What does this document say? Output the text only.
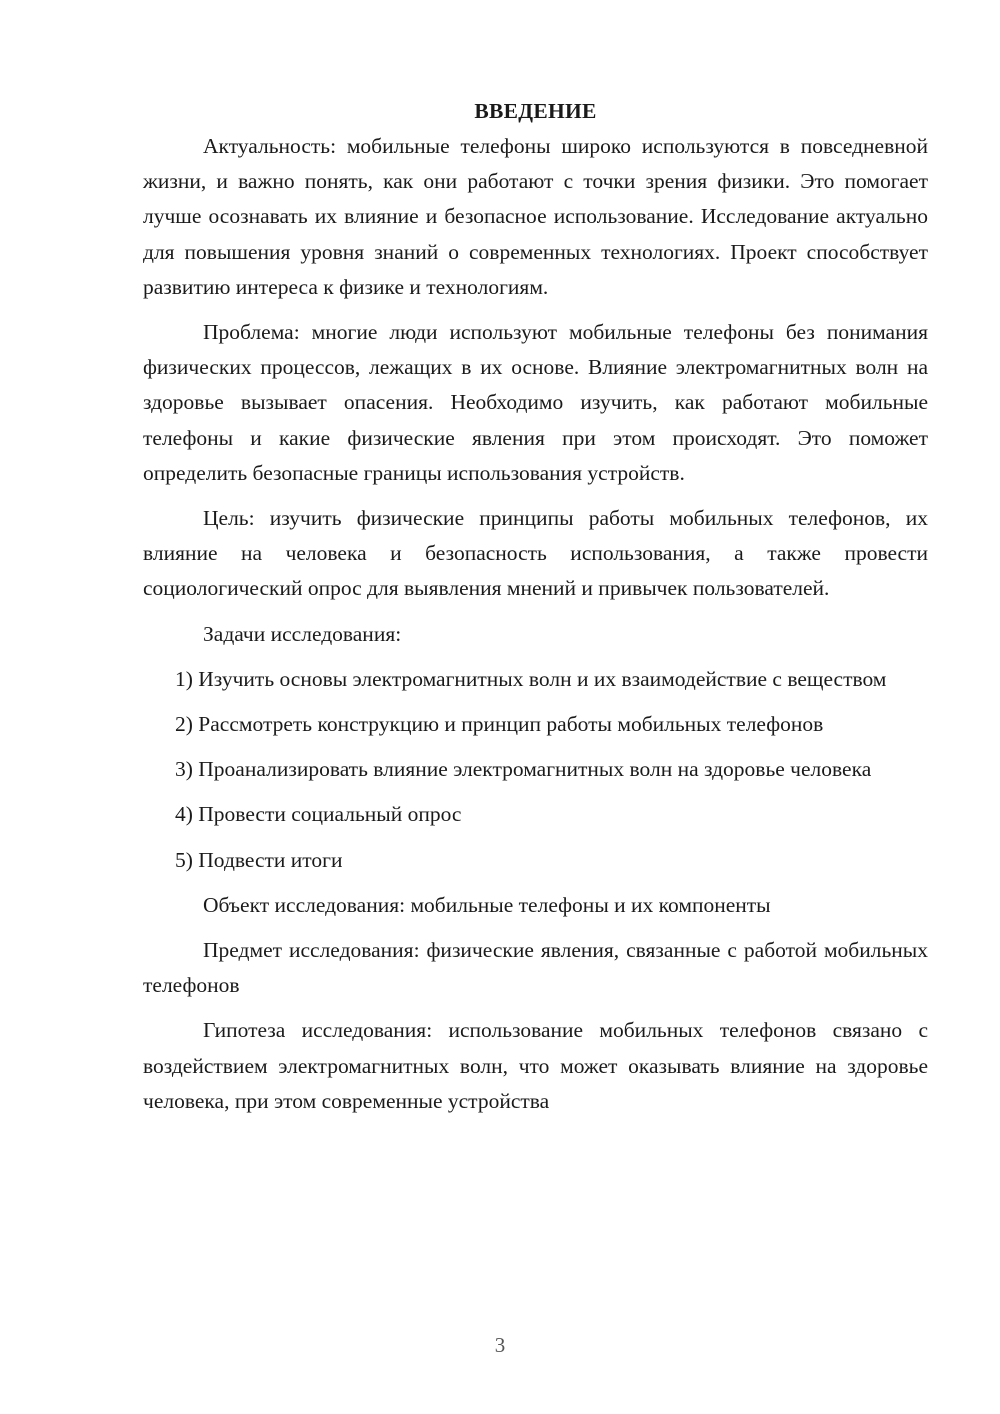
ВВЕДЕНИЕ

Актуальность: мобильные телефоны широко используются в повседневной жизни, и важно понять, как они работают с точки зрения физики. Это помогает лучше осознавать их влияние и безопасное использование. Исследование актуально для повышения уровня знаний о современных технологиях. Проект способствует развитию интереса к физике и технологиям.

Проблема: многие люди используют мобильные телефоны без понимания физических процессов, лежащих в их основе. Влияние электромагнитных волн на здоровье вызывает опасения. Необходимо изучить, как работают мобильные телефоны и какие физические явления при этом происходят. Это поможет определить безопасные границы использования устройств.

Цель: изучить физические принципы работы мобильных телефонов, их влияние на человека и безопасность использования, а также провести социологический опрос для выявления мнений и привычек пользователей.

Задачи исследования:

1) Изучить основы электромагнитных волн и их взаимодействие с веществом

2) Рассмотреть конструкцию и принцип работы мобильных телефонов

3) Проанализировать влияние электромагнитных волн на здоровье человека

4) Провести социальный опрос

5) Подвести итоги

Объект исследования: мобильные телефоны и их компоненты

Предмет исследования: физические явления, связанные с работой мобильных телефонов

Гипотеза исследования: использование мобильных телефонов связано с воздействием электромагнитных волн, что может оказывать влияние на здоровье человека, при этом современные устройства

3
